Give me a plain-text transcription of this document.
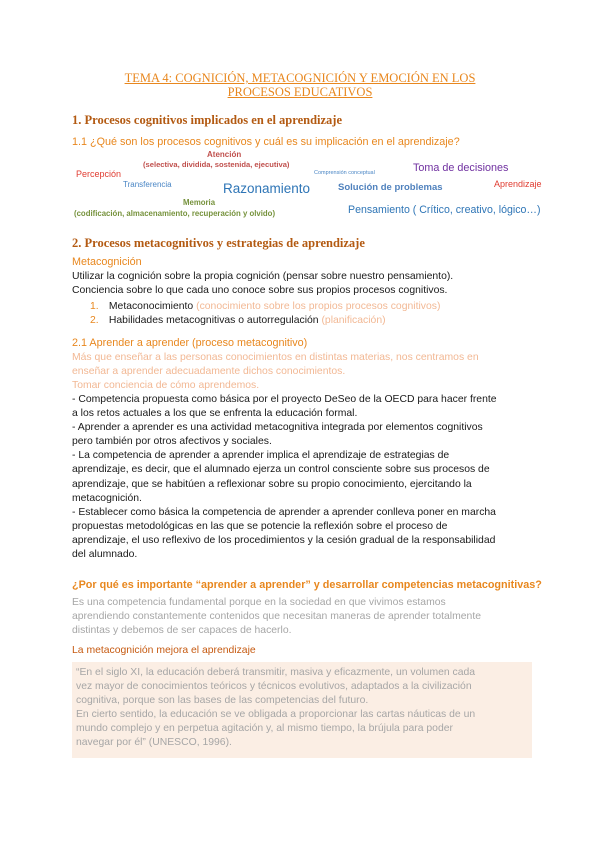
TEMA 4: COGNICIÓN, METACOGNICIÓN Y EMOCIÓN EN LOS
PROCESOS EDUCATIVOS
1. Procesos cognitivos implicados en el aprendizaje
1.1 ¿Qué son los procesos cognitivos y cuál es su implicación en el aprendizaje?
Atención
(selectiva, dividida, sostenida, ejecutiva)
Percepción
Transferencia	Razonamiento
Comprensión conceptual	Toma de decisiones
Solución de problemas	Aprendizaje
Memoria
(codificación, almacenamiento, recuperación y olvido)	Pensamiento ( Crítico, creativo, lógico…)
2. Procesos metacognitivos y estrategias de aprendizaje
Metacognición
Utilizar la cognición sobre la propia cognición (pensar sobre nuestro pensamiento).
Conciencia sobre lo que cada uno conoce sobre sus propios procesos cognitivos.
1. Metaconocimiento (conocimiento sobre los propios procesos cognitivos)
2. Habilidades metacognitivas o autorregulación (planificación)
2.1 Aprender a aprender (proceso metacognitivo)
Más que enseñar a las personas conocimientos en distintas materias, nos centramos en
enseñar a aprender adecuadamente dichos conocimientos.
Tomar conciencia de cómo aprendemos.
- Competencia propuesta como básica por el proyecto DeSeo de la OECD para hacer frente
a los retos actuales a los que se enfrenta la educación formal.
- Aprender a aprender es una actividad metacognitiva integrada por elementos cognitivos
pero también por otros afectivos y sociales.
- La competencia de aprender a aprender implica el aprendizaje de estrategias de
aprendizaje, es decir, que el alumnado ejerza un control consciente sobre sus procesos de
aprendizaje, que se habitúen a reflexionar sobre su propio conocimiento, ejercitando la
metacognición.
- Establecer como básica la competencia de aprender a aprender conlleva poner en marcha
propuestas metodológicas en las que se potencie la reflexión sobre el proceso de
aprendizaje, el uso reflexivo de los procedimientos y la cesión gradual de la responsabilidad
del alumnado.
¿Por qué es importante “aprender a aprender” y desarrollar competencias metacognitivas?
Es una competencia fundamental porque en la sociedad en que vivimos estamos
aprendiendo constantemente contenidos que necesitan maneras de aprender totalmente
distintas y debemos de ser capaces de hacerlo.
La metacognición mejora el aprendizaje
“En el siglo XI, la educación deberá transmitir, masiva y eficazmente, un volumen cada
vez mayor de conocimientos teóricos y técnicos evolutivos, adaptados a la civilización
cognitiva, porque son las bases de las competencias del futuro.
En cierto sentido, la educación se ve obligada a proporcionar las cartas náuticas de un
mundo complejo y en perpetua agitación y, al mismo tiempo, la brújula para poder
navegar por él” (UNESCO, 1996).
